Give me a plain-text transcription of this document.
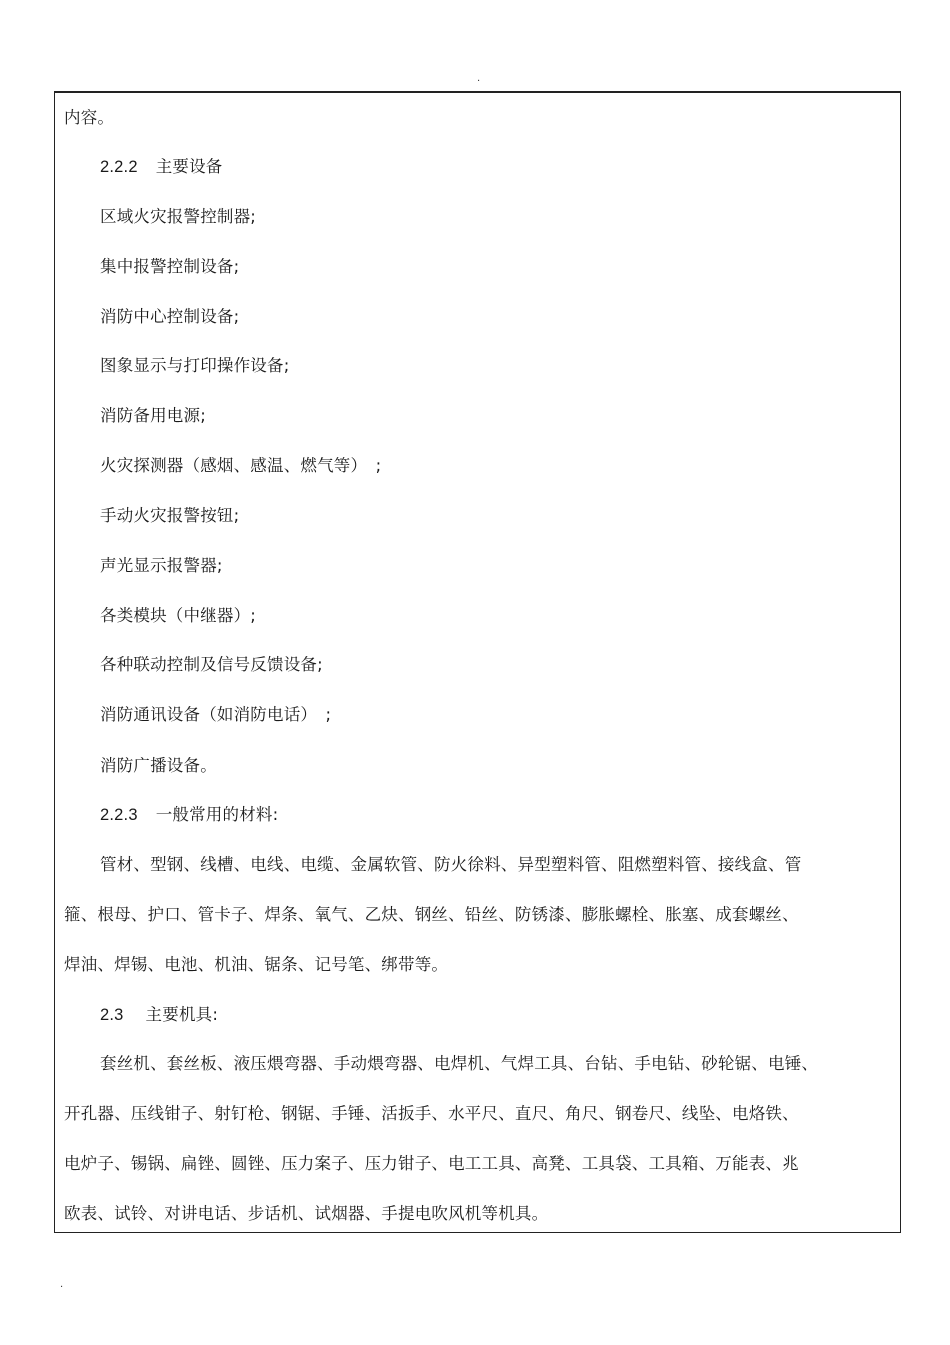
.
内容。
2.2.2 主要设备
区域火灾报警控制器;
集中报警控制设备;
消防中心控制设备;
图象显示与打印操作设备;
消防备用电源;
火灾探测器（感烟、感温、燃气等）　;
手动火灾报警按钮;
声光显示报警器;
各类模块（中继器）;
各种联动控制及信号反馈设备;
消防通讯设备（如消防电话）　;
消防广播设备。
2.2.3 一般常用的材料:
管材、型钢、线槽、电线、电缆、金属软管、防火徐料、异型塑料管、阻燃塑料管、接线盒、管
箍、根母、护口、管卡子、焊条、氧气、乙炔、钢丝、铅丝、防锈漆、膨胀螺栓、胀塞、成套螺丝、
焊油、焊锡、电池、机油、锯条、记号笔、绑带等。
2.3 主要机具:
套丝机、套丝板、液压煨弯器、手动煨弯器、电焊机、气焊工具、台钻、手电钻、砂轮锯、电锤、
开孔器、压线钳子、射钉枪、钢锯、手锤、活扳手、水平尺、直尺、角尺、钢卷尺、线坠、电烙铁、
电炉子、锡锅、扁锉、圆锉、压力案子、压力钳子、电工工具、高凳、工具袋、工具箱、万能表、兆
欧表、试铃、对讲电话、步话机、试烟器、手提电吹风机等机具。
.
